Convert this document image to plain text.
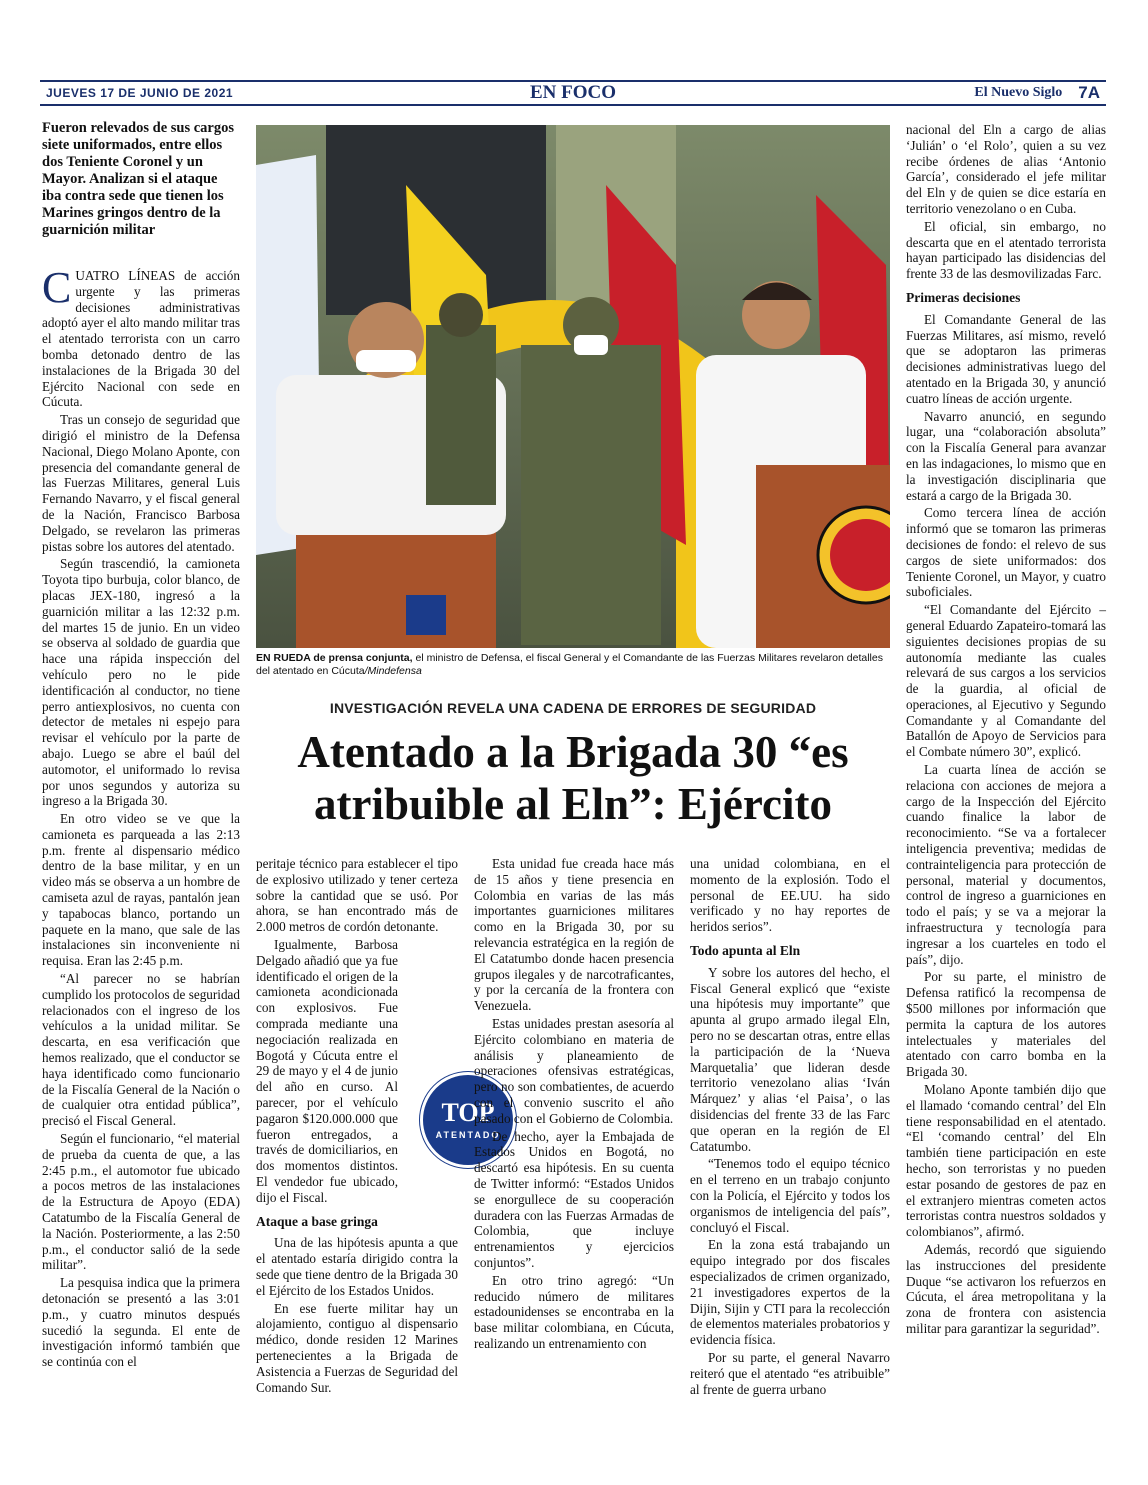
JUEVES 17 DE JUNIO DE 2021	EN FOCO	El Nuevo Siglo 7A
Fueron relevados de sus cargos siete uniformados, entre ellos dos Teniente Coronel y un Mayor. Analizan si el ataque iba contra sede que tienen los Marines gringos dentro de la guarnición militar

CUATRO LÍNEAS de acción urgente y las primeras decisiones administrativas adoptó ayer el alto mando militar tras el atentado terrorista con un carro bomba detonado dentro de las instalaciones de la Brigada 30 del Ejército Nacional con sede en Cúcuta.

Tras un consejo de seguridad que dirigió el ministro de la Defensa Nacional, Diego Molano Aponte, con presencia del comandante general de las Fuerzas Militares, general Luis Fernando Navarro, y el fiscal general de la Nación, Francisco Barbosa Delgado, se revelaron las primeras pistas sobre los autores del atentado.

Según trascendió, la camioneta Toyota tipo burbuja, color blanco, de placas JEX-180, ingresó a la guarnición militar a las 12:32 p.m. del martes 15 de junio. En un video se observa al soldado de guardia que hace una rápida inspección del vehículo pero no le pide identificación al conductor, no tiene perro antiexplosivos, no cuenta con detector de metales ni espejo para revisar el vehículo por la parte de abajo. Luego se abre el baúl del automotor, el uniformado lo revisa por unos segundos y autoriza su ingreso a la Brigada 30.

En otro video se ve que la camioneta es parqueada a las 2:13 p.m. frente al dispensario médico dentro de la base militar, y en un video más se observa a un hombre de camiseta azul de rayas, pantalón jean y tapabocas blanco, portando un paquete en la mano, que sale de las instalaciones sin inconveniente ni requisa. Eran las 2:45 p.m.

“Al parecer no se habrían cumplido los protocolos de seguridad relacionados con el ingreso de los vehículos a la unidad militar. Se descarta, en esa verificación que hemos realizado, que el conductor se haya identificado como funcionario de la Fiscalía General de la Nación o de cualquier otra entidad pública”, precisó el Fiscal General.

Según el funcionario, “el material de prueba da cuenta de que, a las 2:45 p.m., el automotor fue ubicado a pocos metros de las instalaciones de la Estructura de Apoyo (EDA) Catatumbo de la Fiscalía General de la Nación. Posteriormente, a las 2:50 p.m., el conductor salió de la sede militar”.

La pesquisa indica que la primera detonación se presentó a las 3:01 p.m., y cuatro minutos después sucedió la segunda. El ente de investigación informó también que se continúa con el

EN RUEDA de prensa conjunta, el ministro de Defensa, el fiscal General y el Comandante de las Fuerzas Militares revelaron detalles del atentado en Cúcuta/Mindefensa
INVESTIGACIÓN REVELA UNA CADENA DE ERRORES DE SEGURIDAD
Atentado a la Brigada 30 “es atribuible al Eln”: Ejército

peritaje técnico para establecer el tipo de explosivo utilizado y tener certeza sobre la cantidad que se usó. Por ahora, se han encontrado más de 2.000 metros de cordón detonante.

Igualmente, Barbosa Delgado añadió que ya fue identificado el origen de la camioneta acondicionada con explosivos. Fue comprada mediante una negociación realizada en Bogotá y Cúcuta entre el 29 de mayo y el 4 de junio del año en curso. Al parecer, por el vehículo pagaron $120.000.000 que fueron entregados, a través de domiciliarios, en dos momentos distintos. El vendedor fue ubicado, dijo el Fiscal.

Ataque a base gringa

Una de las hipótesis apunta a que el atentado estaría dirigido contra la sede que tiene dentro de la Brigada 30 el Ejército de los Estados Unidos.

En ese fuerte militar hay un alojamiento, contiguo al dispensario médico, donde residen 12 Marines pertenecientes a la Brigada de Asistencia a Fuerzas de Seguridad del Comando Sur.

TOP
ATENTADO

Esta unidad fue creada hace más de 15 años y tiene presencia en Colombia en varias de las más importantes guarniciones militares como en la Brigada 30, por su relevancia estratégica en la región de El Catatumbo donde hacen presencia grupos ilegales y de narcotraficantes, y por la cercanía de la frontera con Venezuela.

Estas unidades prestan asesoría al Ejército colombiano en materia de análisis y planeamiento de operaciones ofensivas estratégicas, pero no son combatientes, de acuerdo con el convenio suscrito el año pasado con el Gobierno de Colombia.

De hecho, ayer la Embajada de Estados Unidos en Bogotá, no descartó esa hipótesis. En su cuenta de Twitter informó: “Estados Unidos se enorgullece de su cooperación duradera con las Fuerzas Armadas de Colombia, que incluye entrenamientos y ejercicios conjuntos”.

En otro trino agregó: “Un reducido número de militares estadounidenses se encontraba en la base militar colombiana, en Cúcuta, realizando un entrenamiento con

una unidad colombiana, en el momento de la explosión. Todo el personal de EE.UU. ha sido verificado y no hay reportes de heridos serios”.

Todo apunta al Eln

Y sobre los autores del hecho, el Fiscal General explicó que “existe una hipótesis muy importante” que apunta al grupo armado ilegal Eln, pero no se descartan otras, entre ellas la participación de la ‘Nueva Marquetalia’ que lideran desde territorio venezolano alias ‘Iván Márquez’ y alias ‘el Paisa’, o las disidencias del frente 33 de las Farc que operan en la región de El Catatumbo.

“Tenemos todo el equipo técnico en el terreno en un trabajo conjunto con la Policía, el Ejército y todos los organismos de inteligencia del país”, concluyó el Fiscal.

En la zona está trabajando un equipo integrado por dos fiscales especializados de crimen organizado, 21 investigadores expertos de la Dijin, Sijin y CTI para la recolección de elementos materiales probatorios y evidencia física.

Por su parte, el general Navarro reiteró que el atentado “es atribuible” al frente de guerra urbano

nacional del Eln a cargo de alias ‘Julián’ o ‘el Rolo’, quien a su vez recibe órdenes de alias ‘Antonio García’, considerado el jefe militar del Eln y de quien se dice estaría en territorio venezolano o en Cuba.

El oficial, sin embargo, no descarta que en el atentado terrorista hayan participado las disidencias del frente 33 de las desmovilizadas Farc.

Primeras decisiones

El Comandante General de las Fuerzas Militares, así mismo, reveló que se adoptaron las primeras decisiones administrativas luego del atentado en la Brigada 30, y anunció cuatro líneas de acción urgente.

Navarro anunció, en segundo lugar, una “colaboración absoluta” con la Fiscalía General para avanzar en las indagaciones, lo mismo que en la investigación disciplinaria que estará a cargo de la Brigada 30.

Como tercera línea de acción informó que se tomaron las primeras decisiones de fondo: el relevo de sus cargos de siete uniformados: dos Teniente Coronel, un Mayor, y cuatro suboficiales.

“El Comandante del Ejército – general Eduardo Zapateiro-tomará las siguientes decisiones propias de su autonomía mediante las cuales relevará de sus cargos a los servicios de la guardia, al oficial de operaciones, al Ejecutivo y Segundo Comandante y al Comandante del Batallón de Apoyo de Servicios para el Combate número 30”, explicó.

La cuarta línea de acción se relaciona con acciones de mejora a cargo de la Inspección del Ejército cuando finalice la labor de reconocimiento. “Se va a fortalecer inteligencia preventiva; medidas de contrainteligencia para protección de personal, material y documentos, control de ingreso a guarniciones en todo el país; y se va a mejorar la infraestructura y tecnología para ingresar a los cuarteles en todo el país”, dijo.

Por su parte, el ministro de Defensa ratificó la recompensa de $500 millones por información que permita la captura de los autores intelectuales y materiales del atentado con carro bomba en la Brigada 30.

Molano Aponte también dijo que el llamado ‘comando central’ del Eln tiene responsabilidad en el atentado. “El ‘comando central’ del Eln también tiene participación en este hecho, son terroristas y no pueden estar posando de gestores de paz en el extranjero mientras cometen actos terroristas contra nuestros soldados y colombianos”, afirmó.

Además, recordó que siguiendo las instrucciones del presidente Duque “se activaron los refuerzos en Cúcuta, el área metropolitana y la zona de frontera con asistencia militar para garantizar la seguridad”.
